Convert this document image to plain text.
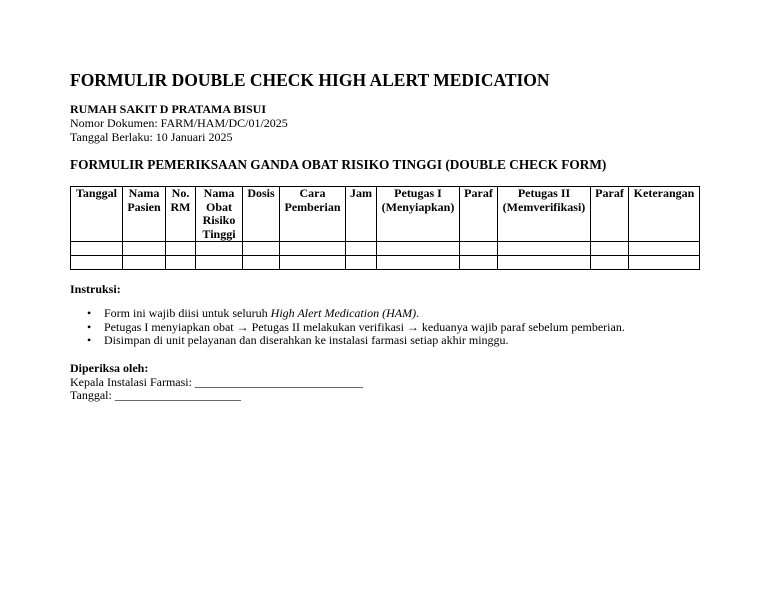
FORMULIR DOUBLE CHECK HIGH ALERT MEDICATION
RUMAH SAKIT D PRATAMA BISUI
Nomor Dokumen: FARM/HAM/DC/01/2025
Tanggal Berlaku: 10 Januari 2025
FORMULIR PEMERIKSAAN GANDA OBAT RISIKO TINGGI (DOUBLE CHECK FORM)
Tanggal	Nama Pasien	No. RM	Nama Obat Risiko Tinggi	Dosis	Cara Pemberian	Jam	Petugas I (Menyiapkan)	Paraf	Petugas II (Memverifikasi)	Paraf	Keterangan

Instruksi:
• Form ini wajib diisi untuk seluruh High Alert Medication (HAM).
• Petugas I menyiapkan obat → Petugas II melakukan verifikasi → keduanya wajib paraf sebelum pemberian.
• Disimpan di unit pelayanan dan diserahkan ke instalasi farmasi setiap akhir minggu.
Diperiksa oleh:
Kepala Instalasi Farmasi: ____________________________
Tanggal: _____________________
